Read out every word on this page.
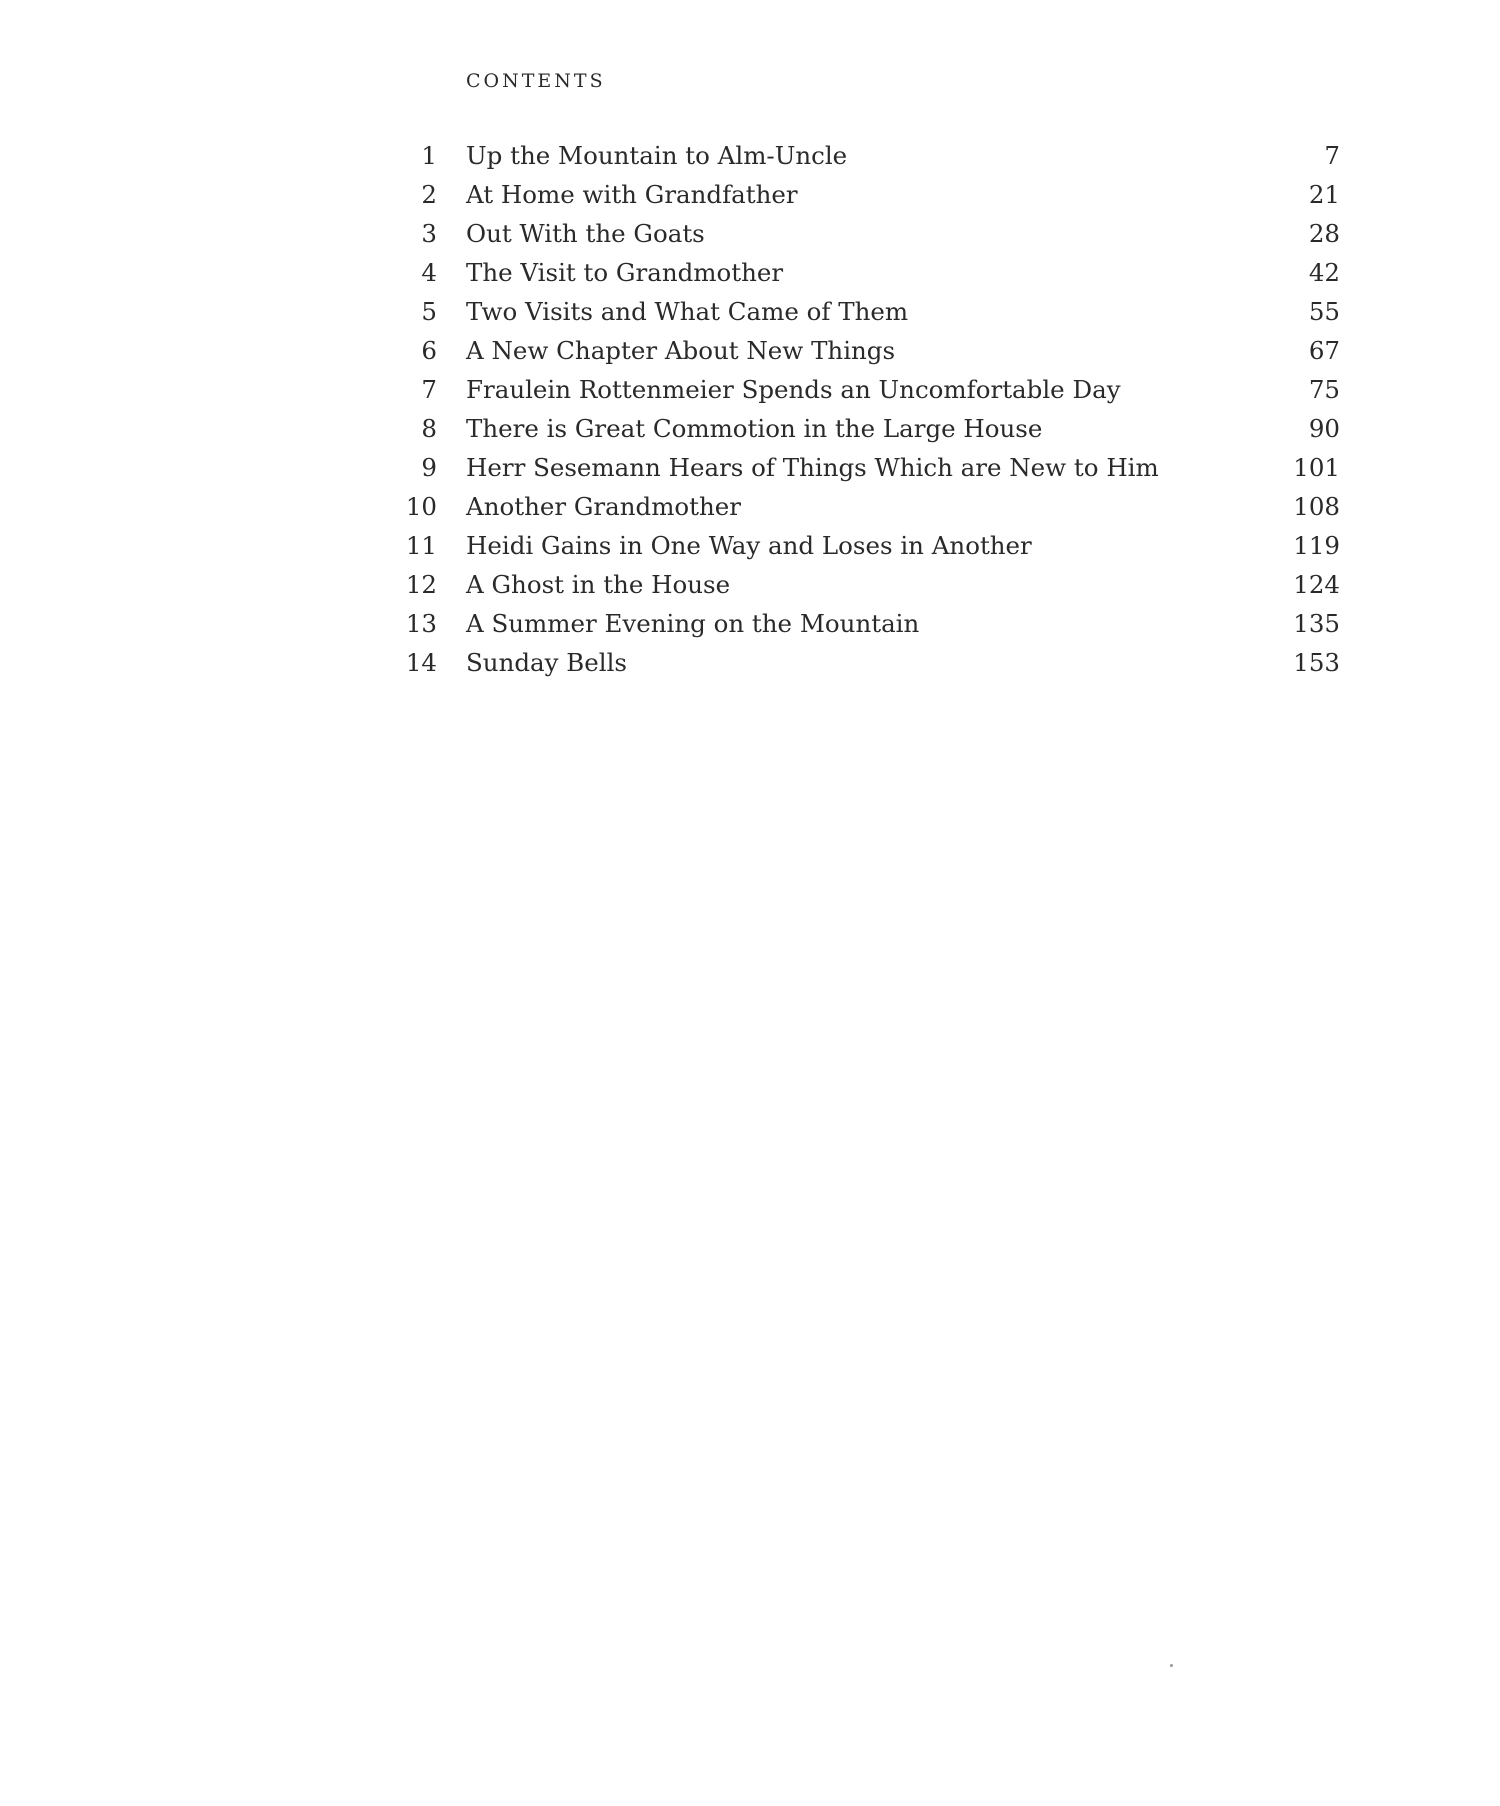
CONTENTS
1 Up the Mountain to Alm-Uncle	7
2 At Home with Grandfather	21
3 Out With the Goats	28
4 The Visit to Grandmother	42
5 Two Visits and What Came of Them	55
6 A New Chapter About New Things	67
7 Fraulein Rottenmeier Spends an Uncomfortable Day	75
8 There is Great Commotion in the Large House	90
9 Herr Sesemann Hears of Things Which are New to Him	101
10 Another Grandmother	108
11 Heidi Gains in One Way and Loses in Another	119
12 A Ghost in the House	124
13 A Summer Evening on the Mountain	135
14 Sunday Bells	153
